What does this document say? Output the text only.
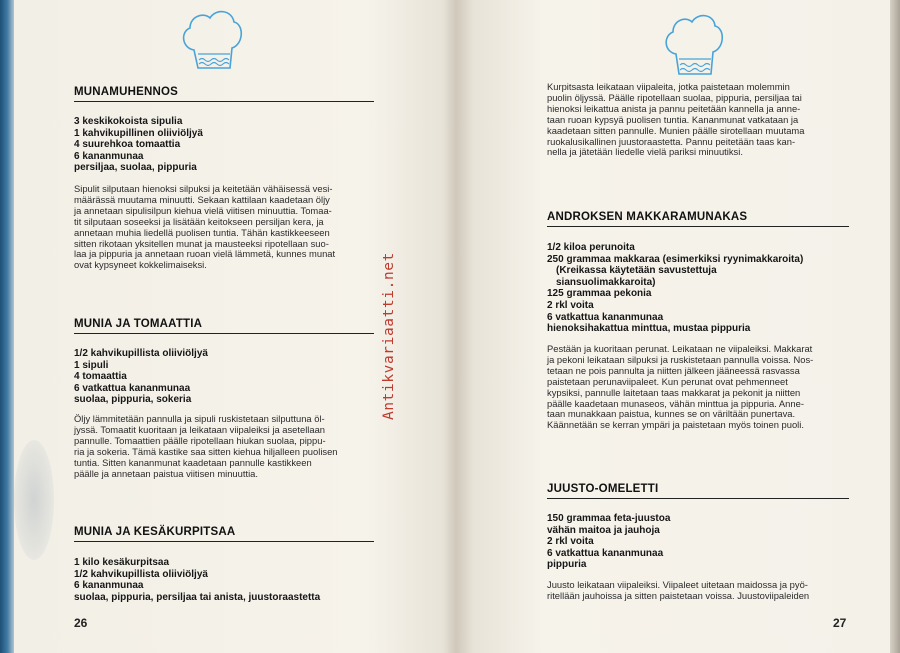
MUNAMUHENNOS
3 keskikokoista sipulia
1 kahvikupillinen oliiviöljyä
4 suurehkoa tomaattia
6 kananmunaa
persiljaa, suolaa, pippuria
Sipulit silputaan hienoksi silpuksi ja keitetään vähäisessä vesi-
määrässä muutama minuutti. Sekaan kattilaan kaadetaan öljy
ja annetaan sipulisilpun kiehua vielä viitisen minuuttia. Tomaa-
tit silputaan soseeksi ja lisätään keitokseen persiljan kera, ja
annetaan muhia liedellä puolisen tuntia. Tähän kastikkeeseen
sitten rikotaan yksitellen munat ja mausteeksi ripotellaan suo-
laa ja pippuria ja annetaan ruoan vielä lämmetä, kunnes munat
ovat kypsyneet kokkelimaiseksi.
MUNIA JA TOMAATTIA
1/2 kahvikupillista oliiviöljyä
1 sipuli
4 tomaattia
6 vatkattua kananmunaa
suolaa, pippuria, sokeria
Öljy lämmitetään pannulla ja sipuli ruskistetaan silputtuna öl-
jyssä. Tomaatit kuoritaan ja leikataan viipaleiksi ja asetellaan
pannulle. Tomaattien päälle ripotellaan hiukan suolaa, pippu-
ria ja sokeria. Tämä kastike saa sitten kiehua hiljalleen puolisen
tuntia. Sitten kananmunat kaadetaan pannulle kastikkeen
päälle ja annetaan paistua viitisen minuuttia.
MUNIA JA KESÄKURPITSAA
1 kilo kesäkurpitsaa
1/2 kahvikupillista oliiviöljyä
6 kananmunaa
suolaa, pippuria, persiljaa tai anista, juustoraastetta
26
Antikvariaatti.net
Kurpitsasta leikataan viipaleita, jotka paistetaan molemmin
puolin öljyssä. Päälle ripotellaan suolaa, pippuria, persiljaa tai
hienoksi leikattua anista ja pannu peitetään kannella ja anne-
taan ruoan kypsyä puolisen tuntia. Kananmunat vatkataan ja
kaadetaan sitten pannulle. Munien päälle sirotellaan muutama
ruokalusikallinen juustoraastetta. Pannu peitetään taas kan-
nella ja jätetään liedelle vielä pariksi minuutiksi.
ANDROKSEN MAKKARAMUNAKAS
1/2 kiloa perunoita
250 grammaa makkaraa (esimerkiksi ryynimakkaroita)
(Kreikassa käytetään savustettuja
siansuolimakkaroita)
125 grammaa pekonia
2 rkl voita
6 vatkattua kananmunaa
hienoksihakattua minttua, mustaa pippuria
Pestään ja kuoritaan perunat. Leikataan ne viipaleiksi. Makkarat
ja pekoni leikataan silpuksi ja ruskistetaan pannulla voissa. Nos-
tetaan ne pois pannulta ja niitten jälkeen jääneessä rasvassa
paistetaan perunaviipaleet. Kun perunat ovat pehmenneet
kypsiksi, pannulle laitetaan taas makkarat ja pekonit ja niitten
päälle kaadetaan munaseos, vähän minttua ja pippuria. Anne-
taan munakkaan paistua, kunnes se on väriltään punertava.
Käännetään se kerran ympäri ja paistetaan myös toinen puoli.
JUUSTO-OMELETTI
150 grammaa feta-juustoa
vähän maitoa ja jauhoja
2 rkl voita
6 vatkattua kananmunaa
pippuria
Juusto leikataan viipaleiksi. Viipaleet uitetaan maidossa ja pyö-
ritellään jauhoissa ja sitten paistetaan voissa. Juustoviipaleiden
27
